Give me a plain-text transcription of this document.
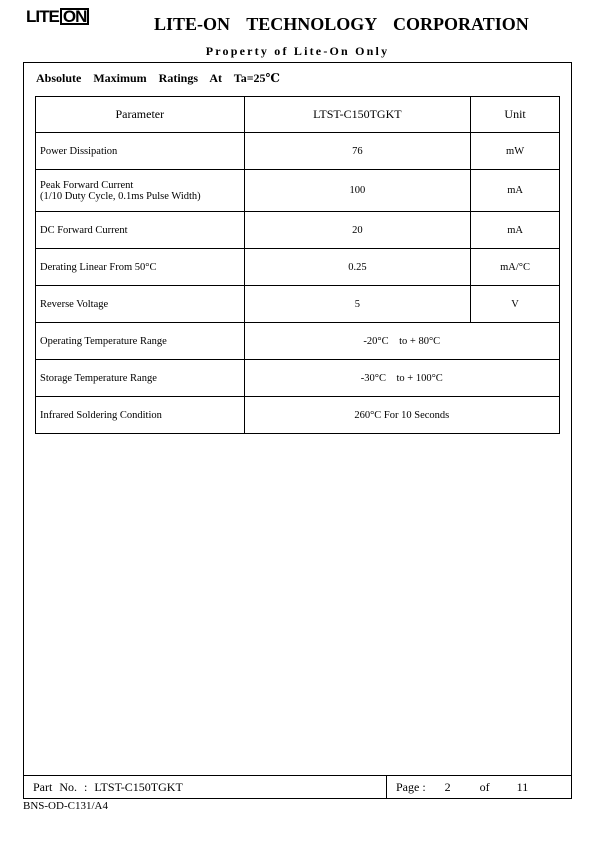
LITE ON	LITE-ON TECHNOLOGY CORPORATION
Property of Lite-On Only
Absolute Maximum Ratings At Ta=25℃
Parameter	LTST-C150TGKT	Unit
Power Dissipation	76	mW

Peak Forward Current
(1/10 Duty Cycle, 0.1ms Pulse Width)	100	mA
DC Forward Current	20	mA
Derating Linear From 50°C	0.25	mA/°C
Reverse Voltage	5	V
Operating Temperature Range	-20°C    to + 80°C	
Storage Temperature Range	-30°C    to + 100°C	
Infrared Soldering Condition	260°C For 10 Seconds	
Part No. : LTST-C150TGKT	Page : 2 of 11
BNS-OD-C131/A4
